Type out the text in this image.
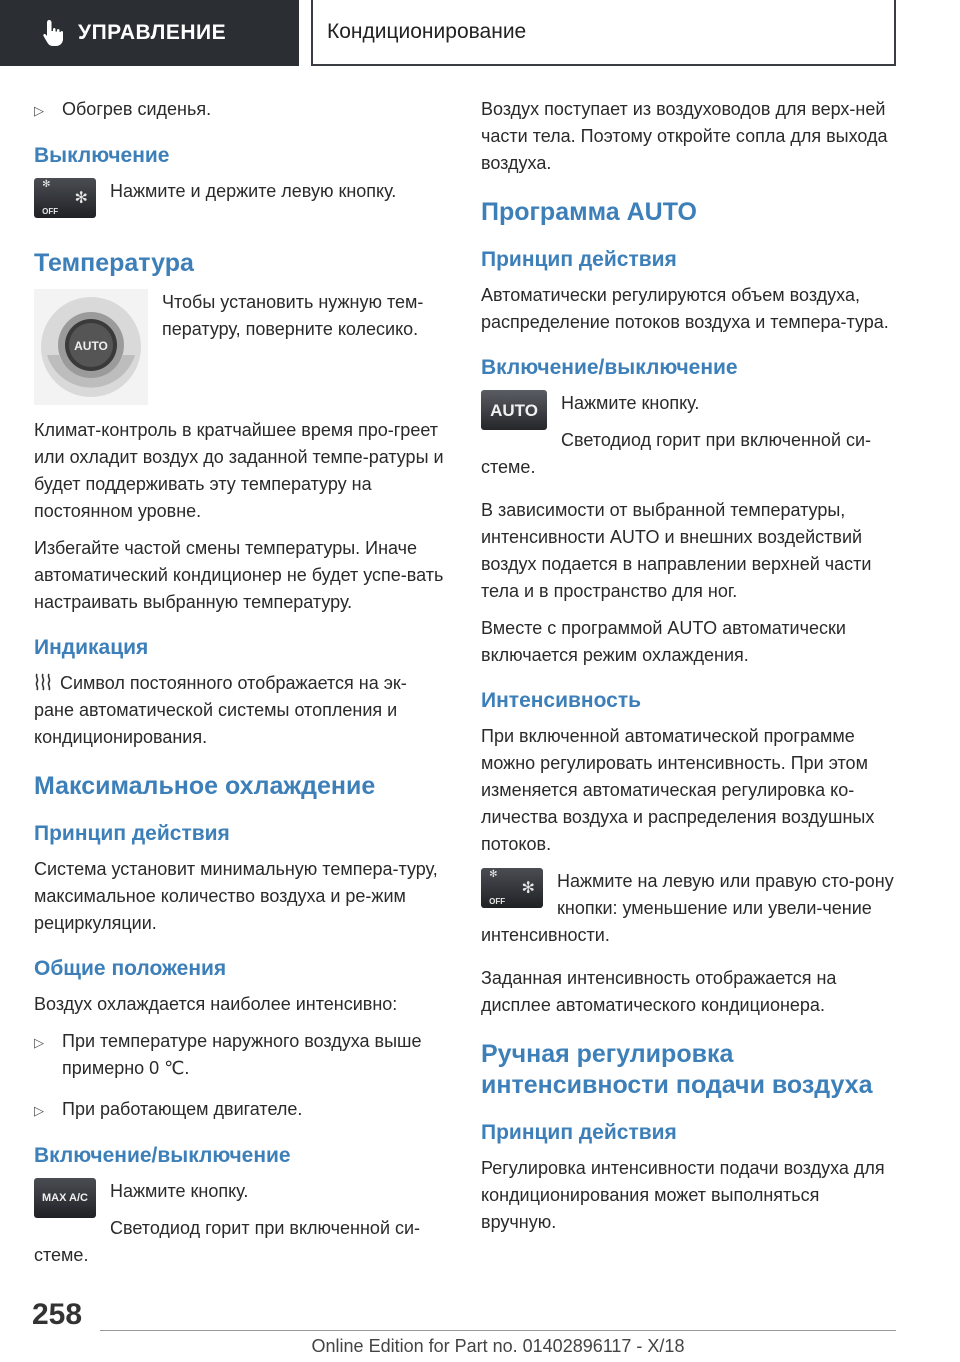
УПРАВЛЕНИЕ	Кондиционирование
▷	Обогрев сиденья.
Выключение
✻
OFF
✻	Нажмите и держите левую кнопку.

Температура
AUTO

Чтобы установить нужную тем-пературу, поверните колесико.

Климат-контроль в кратчайшее время про-греет или охладит воздух до заданной темпе-ратуры и будет поддерживать эту температуру на постоянном уровне.

Избегайте частой смены температуры. Иначе автоматический кондиционер не будет успе-вать настраивать выбранную температуру.

Индикация

Символ постоянного отображается на эк-ране автоматической системы отопления и кондиционирования.

Максимальное охлаждение
Принцип действия

Система установит минимальную темпера-туру, максимальное количество воздуха и ре-жим рециркуляции.

Общие положения

Воздух охлаждается наиболее интенсивно:

▷	При температуре наружного воздуха выше примерно 0 ℃.
▷	При работающем двигателе.
Включение/выключение
MAX A/C	Нажмите кнопку.

Светодиод горит при включенной си-стеме.

Воздух поступает из воздуховодов для верх-ней части тела. Поэтому откройте сопла для выхода воздуха.

Программа AUTO
Принцип действия

Автоматически регулируются объем воздуха, распределение потоков воздуха и темпера-тура.

Включение/выключение
AUTO	Нажмите кнопку.

Светодиод горит при включенной си-стеме.

В зависимости от выбранной температуры, интенсивности AUTO и внешних воздействий воздух подается в направлении верхней части тела и в пространство для ног.

Вместе с программой AUTO автоматически включается режим охлаждения.

Интенсивность

При включенной автоматической программе можно регулировать интенсивность. При этом изменяется автоматическая регулировка ко-личества воздуха и распределения воздушных потоков.

✻
OFF
✻	Нажмите на левую или правую сто-рону кнопки: уменьшение или увели-чение интенсивности.

Заданная интенсивность отображается на дисплее автоматического кондиционера.

Ручная регулировка интенсивности подачи воздуха
Принцип действия

Регулировка интенсивности подачи воздуха для кондиционирования может выполняться вручную.

258
Online Edition for Part no. 01402896117 - X/18
